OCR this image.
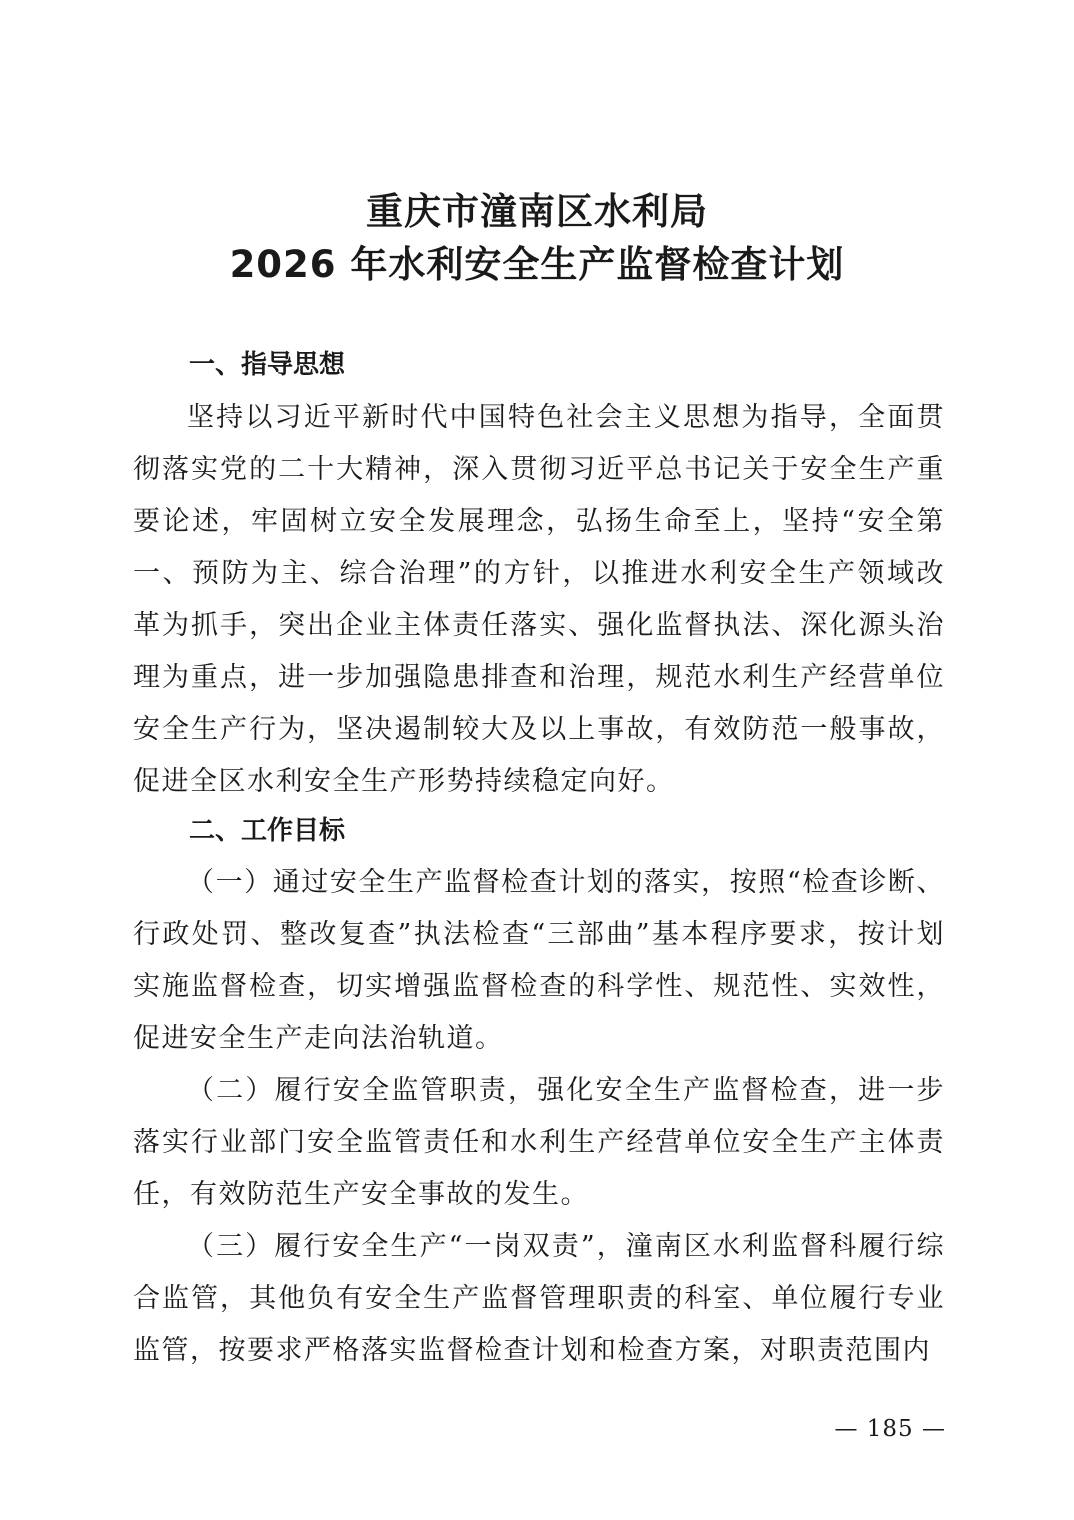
重庆市潼南区水利局
2026 年水利安全生产监督检查计划
一、指导思想

坚持以习近平新时代中国特色社会主义思想为指导，全面贯彻落实党的二十大精神，深入贯彻习近平总书记关于安全生产重要论述，牢固树立安全发展理念，弘扬生命至上，坚持“安全第一、预防为主、综合治理”的方针，以推进水利安全生产领域改革为抓手，突出企业主体责任落实、强化监督执法、深化源头治理为重点，进一步加强隐患排查和治理，规范水利生产经营单位安全生产行为，坚决遏制较大及以上事故，有效防范一般事故，促进全区水利安全生产形势持续稳定向好。

二、工作目标

（一）通过安全生产监督检查计划的落实，按照“检查诊断、行政处罚、整改复查”执法检查“三部曲”基本程序要求，按计划实施监督检查，切实增强监督检查的科学性、规范性、实效性，促进安全生产走向法治轨道。

（二）履行安全监管职责，强化安全生产监督检查，进一步落实行业部门安全监管责任和水利生产经营单位安全生产主体责任，有效防范生产安全事故的发生。

（三）履行安全生产“一岗双责”，潼南区水利监督科履行综合监管，其他负有安全生产监督管理职责的科室、单位履行专业监管，按要求严格落实监督检查计划和检查方案，对职责范围内

— 185 —
